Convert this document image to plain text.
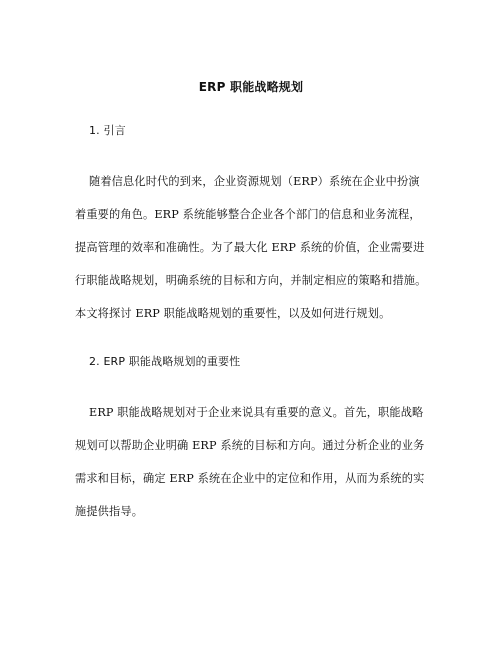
ERP 职能战略规划
1. 引言
随着信息化时代的到来，企业资源规划（ERP）系统在企业中扮演
着重要的角色。ERP 系统能够整合企业各个部门的信息和业务流程，
提高管理的效率和准确性。为了最大化 ERP 系统的价值，企业需要进
行职能战略规划，明确系统的目标和方向，并制定相应的策略和措施。
本文将探讨 ERP 职能战略规划的重要性，以及如何进行规划。
2. ERP 职能战略规划的重要性
ERP 职能战略规划对于企业来说具有重要的意义。首先，职能战略
规划可以帮助企业明确 ERP 系统的目标和方向。通过分析企业的业务
需求和目标，确定 ERP 系统在企业中的定位和作用，从而为系统的实
施提供指导。
